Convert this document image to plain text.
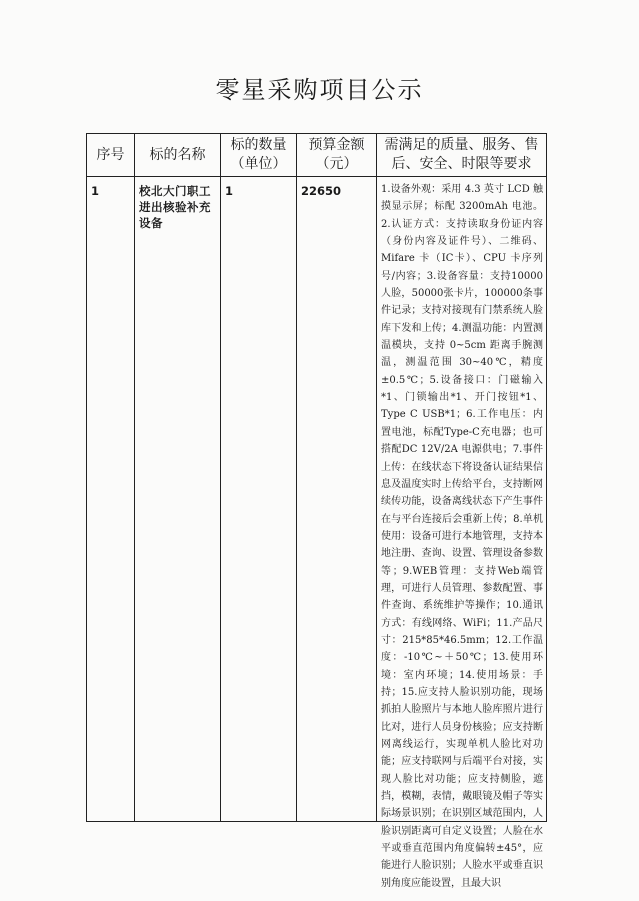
零星采购项目公示
序号	标的名称	标的数量（单位）	预算金额（元）	需满足的质量、服务、售后、安全、时限等要求
1	校北大门职工进出核验补充设备	1	22650	1.设备外观：采用 4.3 英寸 LCD 触摸显示屏；标配 3200mAh 电池。2.认证方式：支持读取身份证内容（身份内容及证件号）、二维码、Mifare 卡（IC卡）、CPU 卡序列号/内容；3.设备容量：支持10000人脸，50000张卡片，100000条事件记录；支持对接现有门禁系统人脸库下发和上传；4.测温功能：内置测温模块，支持 0~5cm 距离手腕测温，测温范围 30~40℃，精度±0.5℃；5.设备接口：门磁输入*1、门锁输出*1、开门按钮*1、Type C USB*1；6.工作电压：内置电池，标配Type-C充电器；也可搭配DC 12V/2A 电源供电；7.事件上传：在线状态下将设备认证结果信息及温度实时上传给平台，支持断网续传功能，设备离线状态下产生事件在与平台连接后会重新上传；8.单机使用：设备可进行本地管理，支持本地注册、查询、设置、管理设备参数等；9.WEB管理：支持Web端管理，可进行人员管理、参数配置、事件查询、系统维护等操作；10.通讯方式：有线网络、WiFi；11.产品尺寸：215*85*46.5mm；12.工作温度：-10℃~＋50℃；13.使用环境：室内环境；14.使用场景：手持；15.应支持人脸识别功能，现场抓拍人脸照片与本地人脸库照片进行比对，进行人员身份核验；应支持断网离线运行，实现单机人脸比对功能；应支持联网与后端平台对接，实现人脸比对功能；应支持侧脸，遮挡，模糊，表情，戴眼镜及帽子等实际场景识别；在识别区域范围内，人脸识别距离可自定义设置；人脸在水平或垂直范围内角度偏转±45°，应能进行人脸识别；人脸水平或垂直识别角度应能设置，且最大识
